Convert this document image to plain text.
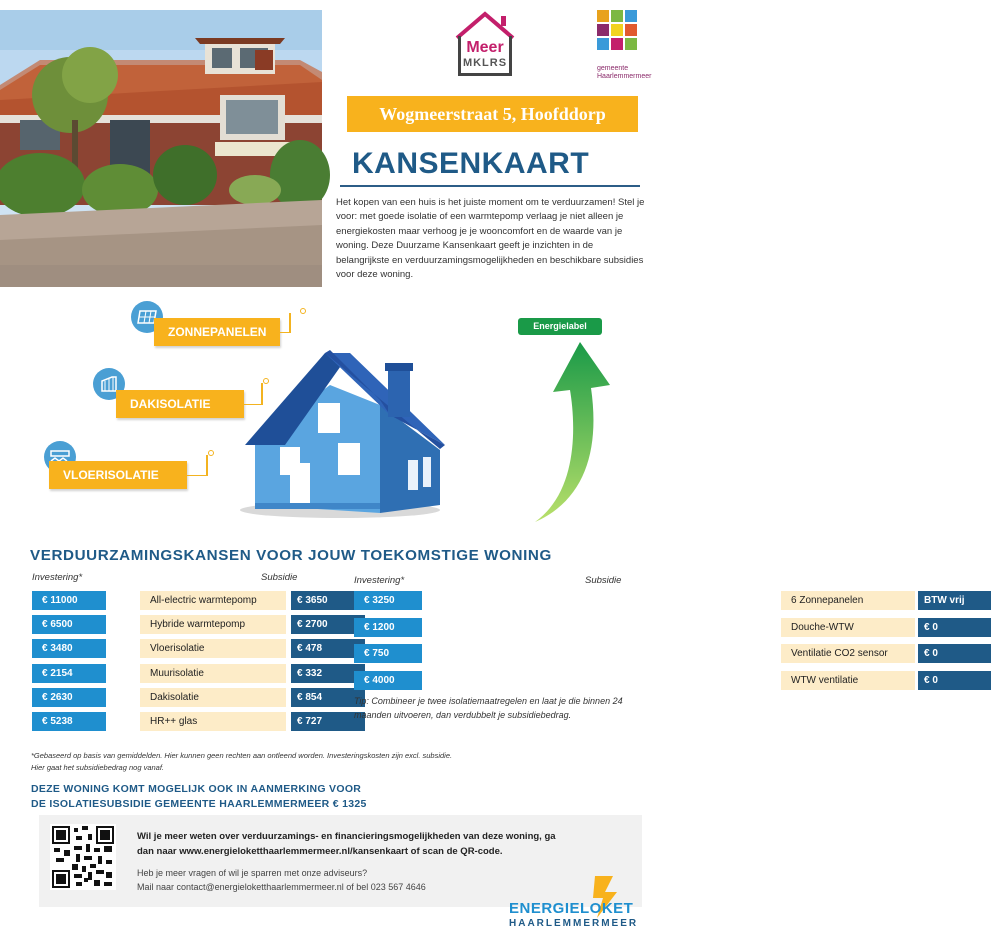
Meer
MKLRS	gemeente Haarlemmermeer
Wogmeerstraat 5, Hoofddorp
KANSENKAART
Het kopen van een huis is het juiste moment om te verduurzamen! Stel je voor: met goede isolatie of een warmtepomp verlaag je niet alleen je energiekosten maar verhoog je je wooncomfort en de waarde van je woning. Deze Duurzame Kansenkaart geeft je inzichten in de belangrijkste en verduurzamingsmogelijkheden en beschikbare subsidies voor deze woning.
ZONNEPANELEN
DAKISOLATIE
VLOERISOLATIE
Energielabel
VERDUURZAMINGSKANSEN VOOR JOUW TOEKOMSTIGE WONING
Investering*	Subsidie
€ 11000	All-electric warmtepomp	€ 3650
€ 6500	Hybride warmtepomp	€ 2700
€ 3480	Vloerisolatie	€ 478
€ 2154	Muurisolatie	€ 332
€ 2630	Dakisolatie	€ 854
€ 5238	HR++ glas	€ 727
Investering*	Subsidie
€ 3250	6 Zonnepanelen	BTW vrij
€ 1200	Douche-WTW	€ 0
€ 750	Ventilatie CO2 sensor	€ 0
€ 4000	WTW ventilatie	€ 0
Tip: Combineer je twee isolatiemaatregelen en laat je die binnen 24 maanden uitvoeren, dan verdubbelt je subsidiebedrag.
*Gebaseerd op basis van gemiddelden. Hier kunnen geen rechten aan ontleend worden. Investeringskosten zijn excl. subsidie.
Hier gaat het subsidiebedrag nog vanaf.
DEZE WONING KOMT MOGELIJK OOK IN AANMERKING VOOR
DE ISOLATIESUBSIDIE GEMEENTE HAARLEMMERMEER € 1325
Wil je meer weten over verduurzamings- en financieringsmogelijkheden van deze woning, ga
dan naar www.energieloketthaarlemmermeer.nl/kansenkaart of scan de QR-code.
Heb je meer vragen of wil je sparren met onze adviseurs?
Mail naar contact@energieloketthaarlemmermeer.nl of bel 023 567 4646
ENERGIELOKET
HAARLEMMERMEER
